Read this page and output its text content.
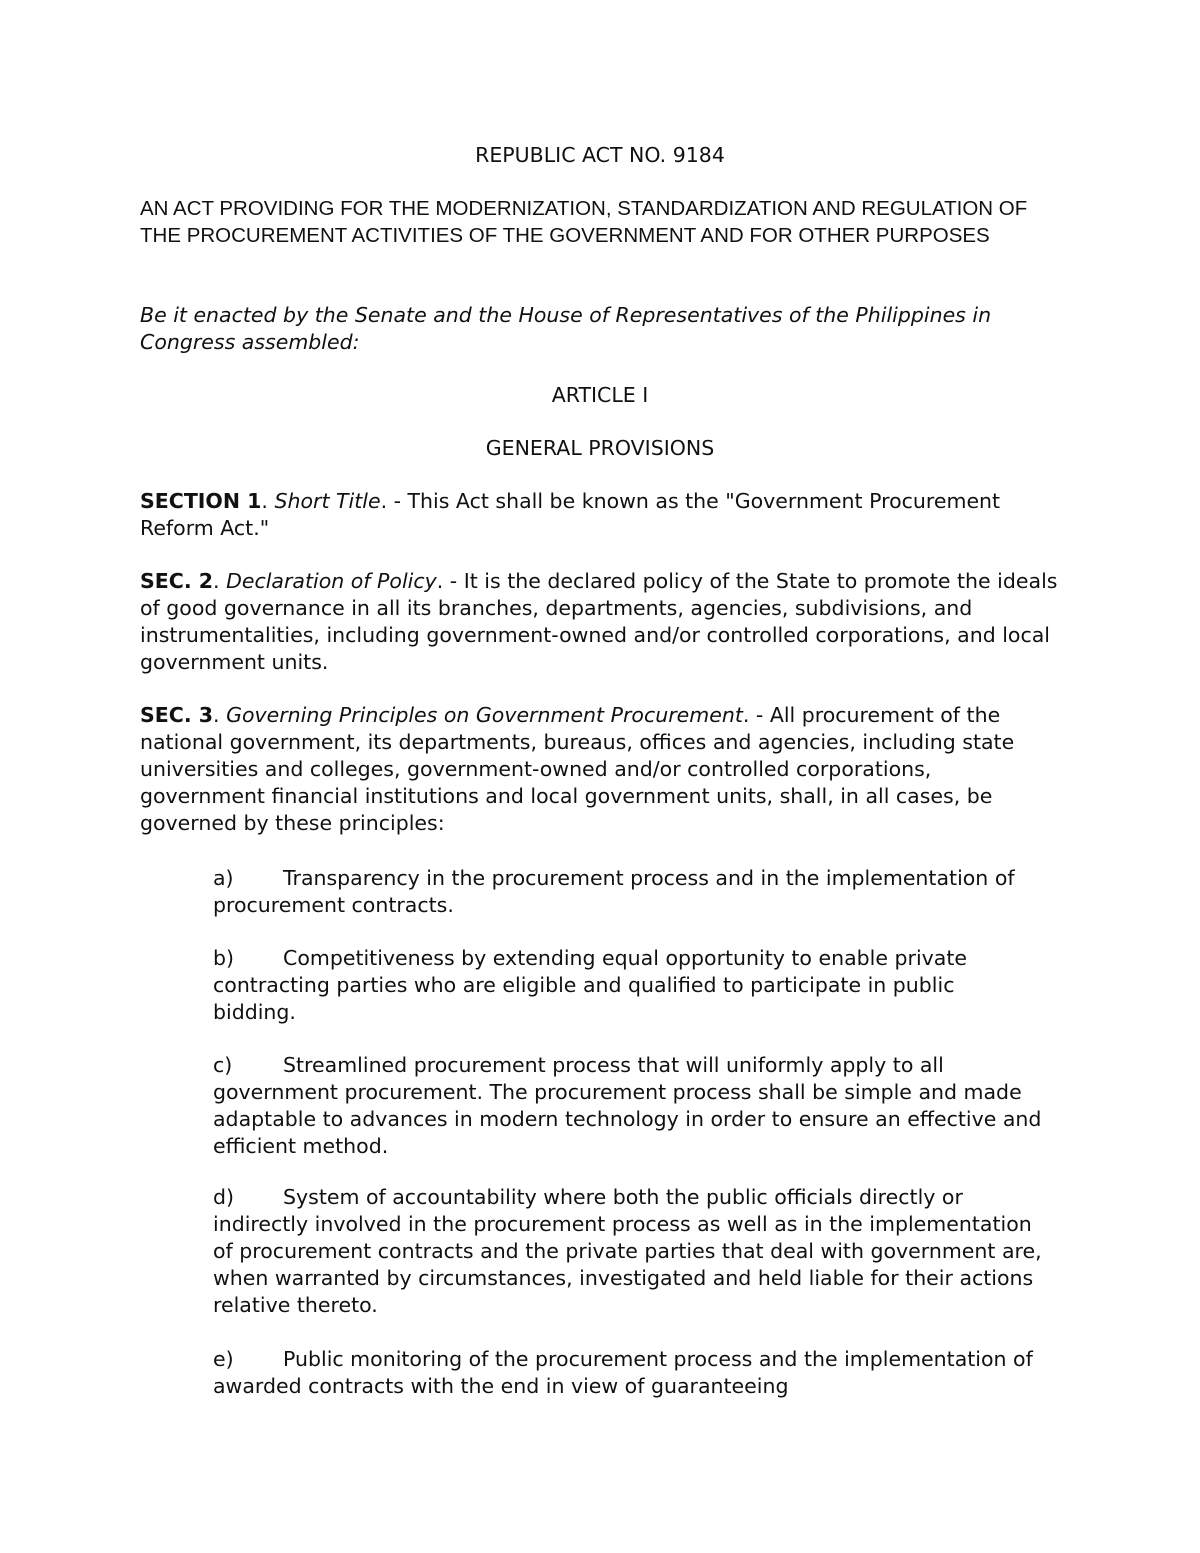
REPUBLIC ACT NO. 9184

AN ACT PROVIDING FOR THE MODERNIZATION, STANDARDIZATION AND REGULATION OF THE PROCUREMENT ACTIVITIES OF THE GOVERNMENT AND FOR OTHER PURPOSES

Be it enacted by the Senate and the House of Representatives of the Philippines in Congress assembled:

ARTICLE I

GENERAL PROVISIONS

SECTION 1. Short Title. - This Act shall be known as the "Government Procurement Reform Act."

SEC. 2. Declaration of Policy. - It is the declared policy of the State to promote the ideals of good governance in all its branches, departments, agencies, subdivisions, and instrumentalities, including government-owned and/or controlled corporations, and local government units.

SEC. 3. Governing Principles on Government Procurement. - All procurement of the national government, its departments, bureaus, offices and agencies, including state universities and colleges, government-owned and/or controlled corporations, government financial institutions and local government units, shall, in all cases, be governed by these principles:

a) Transparency in the procurement process and in the implementation of procurement contracts.

b) Competitiveness by extending equal opportunity to enable private contracting parties who are eligible and qualified to participate in public bidding.

c) Streamlined procurement process that will uniformly apply to all government procurement. The procurement process shall be simple and made adaptable to advances in modern technology in order to ensure an effective and efficient method.

d) System of accountability where both the public officials directly or indirectly involved in the procurement process as well as in the implementation of procurement contracts and the private parties that deal with government are, when warranted by circumstances, investigated and held liable for their actions relative thereto.

e) Public monitoring of the procurement process and the implementation of awarded contracts with the end in view of guaranteeing
